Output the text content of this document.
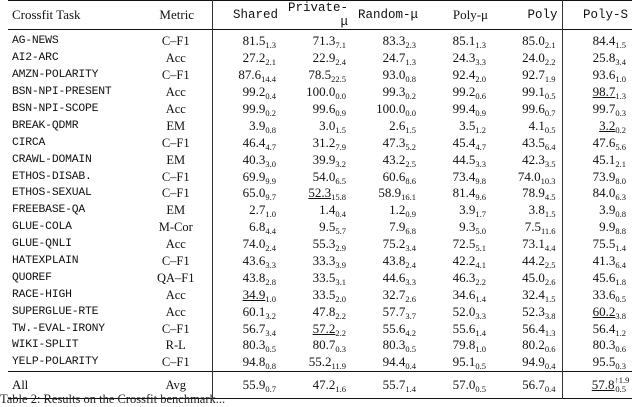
Crossfit Task	Metric	Shared	Private-μ	Random-μ	Poly-μ	Poly	Poly-S
AG-NEWS	C–F1	$81.5_{1.3}$	$71.3_{7.1}$	$83.3_{2.3}$	$85.1_{1.3}$	$85.0_{2.1}$	$84.4_{1.5}$
AI2-ARC	Acc	$27.2_{2.1}$	$22.9_{2.4}$	$24.7_{1.3}$	$24.3_{3.3}$	$24.0_{2.2}$	$25.8_{3.4}$
AMZN-POLARITY	C–F1	$87.6_{14.4}$	$78.5_{22.5}$	$93.0_{0.8}$	$92.4_{2.0}$	$92.7_{1.9}$	$93.6_{1.0}$
BSN-NPI-PRESENT	Acc	$99.2_{0.4}$	$100.0_{0.0}$	$99.3_{0.2}$	$99.2_{0.6}$	$99.1_{0.5}$	$98.7_{1.3}$
BSN-NPI-SCOPE	Acc	$99.9_{0.2}$	$99.6_{0.9}$	$100.0_{0.0}$	$99.4_{0.9}$	$99.6_{0.7}$	$99.7_{0.3}$
BREAK-QDMR	EM	$3.9_{0.8}$	$3.0_{1.5}$	$2.6_{1.5}$	$3.5_{1.2}$	$4.1_{0.5}$	$3.2_{0.2}$
CIRCA	C–F1	$46.4_{4.7}$	$31.2_{7.9}$	$47.3_{5.2}$	$45.4_{4.7}$	$43.5_{6.4}$	$47.6_{5.6}$
CRAWL-DOMAIN	EM	$40.3_{3.0}$	$39.9_{3.2}$	$43.2_{2.5}$	$44.5_{3.3}$	$42.3_{3.5}$	$45.1_{2.1}$
ETHOS-DISAB.	C–F1	$69.9_{9.9}$	$54.0_{6.5}$	$60.6_{8.6}$	$73.4_{9.8}$	$74.0_{10.3}$	$73.9_{8.0}$
ETHOS-SEXUAL	C–F1	$65.0_{9.7}$	$52.3_{15.8}$	$58.9_{16.1}$	$81.4_{9.6}$	$78.9_{4.5}$	$84.0_{6.3}$
FREEBASE-QA	EM	$2.7_{1.0}$	$1.4_{0.4}$	$1.2_{0.9}$	$3.9_{1.7}$	$3.8_{1.5}$	$3.9_{0.8}$
GLUE-COLA	M-Cor	$6.8_{4.4}$	$9.5_{5.7}$	$7.9_{6.8}$	$9.3_{5.0}$	$7.5_{11.6}$	$9.9_{8.8}$
GLUE-QNLI	Acc	$74.0_{2.4}$	$55.3_{2.9}$	$75.2_{3.4}$	$72.5_{5.1}$	$73.1_{4.4}$	$75.5_{1.4}$
HATEXPLAIN	C–F1	$43.6_{3.3}$	$33.3_{3.9}$	$43.8_{2.4}$	$42.2_{4.1}$	$44.2_{2.5}$	$41.3_{6.4}$
QUOREF	QA–F1	$43.8_{2.8}$	$33.5_{3.1}$	$44.6_{3.3}$	$46.3_{2.2}$	$45.0_{2.6}$	$45.6_{1.8}$
RACE-HIGH	Acc	$34.9_{1.0}$	$33.5_{2.0}$	$32.7_{2.6}$	$34.6_{1.4}$	$32.4_{1.5}$	$33.6_{0.5}$
SUPERGLUE-RTE	Acc	$60.1_{3.2}$	$47.8_{2.2}$	$57.7_{3.7}$	$52.0_{3.3}$	$52.3_{3.8}$	$60.2_{3.8}$
TW.-EVAL-IRONY	C–F1	$56.7_{3.4}$	$57.2_{2.2}$	$55.6_{4.2}$	$55.6_{1.4}$	$56.4_{1.3}$	$56.4_{1.2}$
WIKI-SPLIT	R-L	$80.3_{0.5}$	$80.7_{0.3}$	$80.3_{0.5}$	$79.8_{1.0}$	$80.2_{0.6}$	$80.3_{0.6}$
YELP-POLARITY	C–F1	$94.8_{0.8}$	$55.2_{11.9}$	$94.4_{0.4}$	$95.1_{0.5}$	$94.9_{0.4}$	$95.5_{0.3}$
All	Avg	$55.9_{0.7}$	$47.2_{1.6}$	$55.7_{1.4}$	$57.0_{0.5}$	$56.7_{0.4}$	$57.8^{↑1.9}_{0.5}$
Table 2: Results on the Crossfit benchmark...
